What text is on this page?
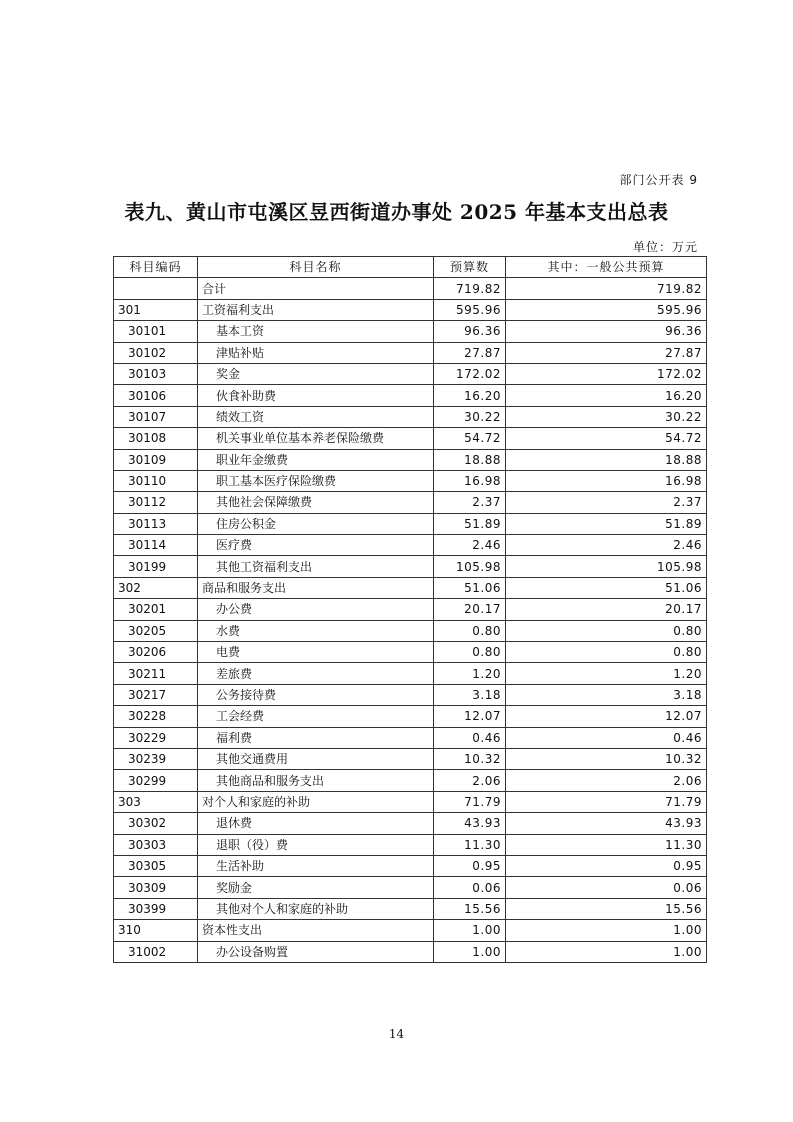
部门公开表 9
表九、黄山市屯溪区昱西街道办事处 2025 年基本支出总表
单位：万元
科目编码	科目名称	预算数	其中：一般公共预算
	合计	719.82	719.82
301	工资福利支出	595.96	595.96
30101	基本工资	96.36	96.36
30102	津贴补贴	27.87	27.87
30103	奖金	172.02	172.02
30106	伙食补助费	16.20	16.20
30107	绩效工资	30.22	30.22
30108	机关事业单位基本养老保险缴费	54.72	54.72
30109	职业年金缴费	18.88	18.88
30110	职工基本医疗保险缴费	16.98	16.98
30112	其他社会保障缴费	2.37	2.37
30113	住房公积金	51.89	51.89
30114	医疗费	2.46	2.46
30199	其他工资福利支出	105.98	105.98
302	商品和服务支出	51.06	51.06
30201	办公费	20.17	20.17
30205	水费	0.80	0.80
30206	电费	0.80	0.80
30211	差旅费	1.20	1.20
30217	公务接待费	3.18	3.18
30228	工会经费	12.07	12.07
30229	福利费	0.46	0.46
30239	其他交通费用	10.32	10.32
30299	其他商品和服务支出	2.06	2.06
303	对个人和家庭的补助	71.79	71.79
30302	退休费	43.93	43.93
30303	退职（役）费	11.30	11.30
30305	生活补助	0.95	0.95
30309	奖励金	0.06	0.06
30399	其他对个人和家庭的补助	15.56	15.56
310	资本性支出	1.00	1.00
31002	办公设备购置	1.00	1.00
14
